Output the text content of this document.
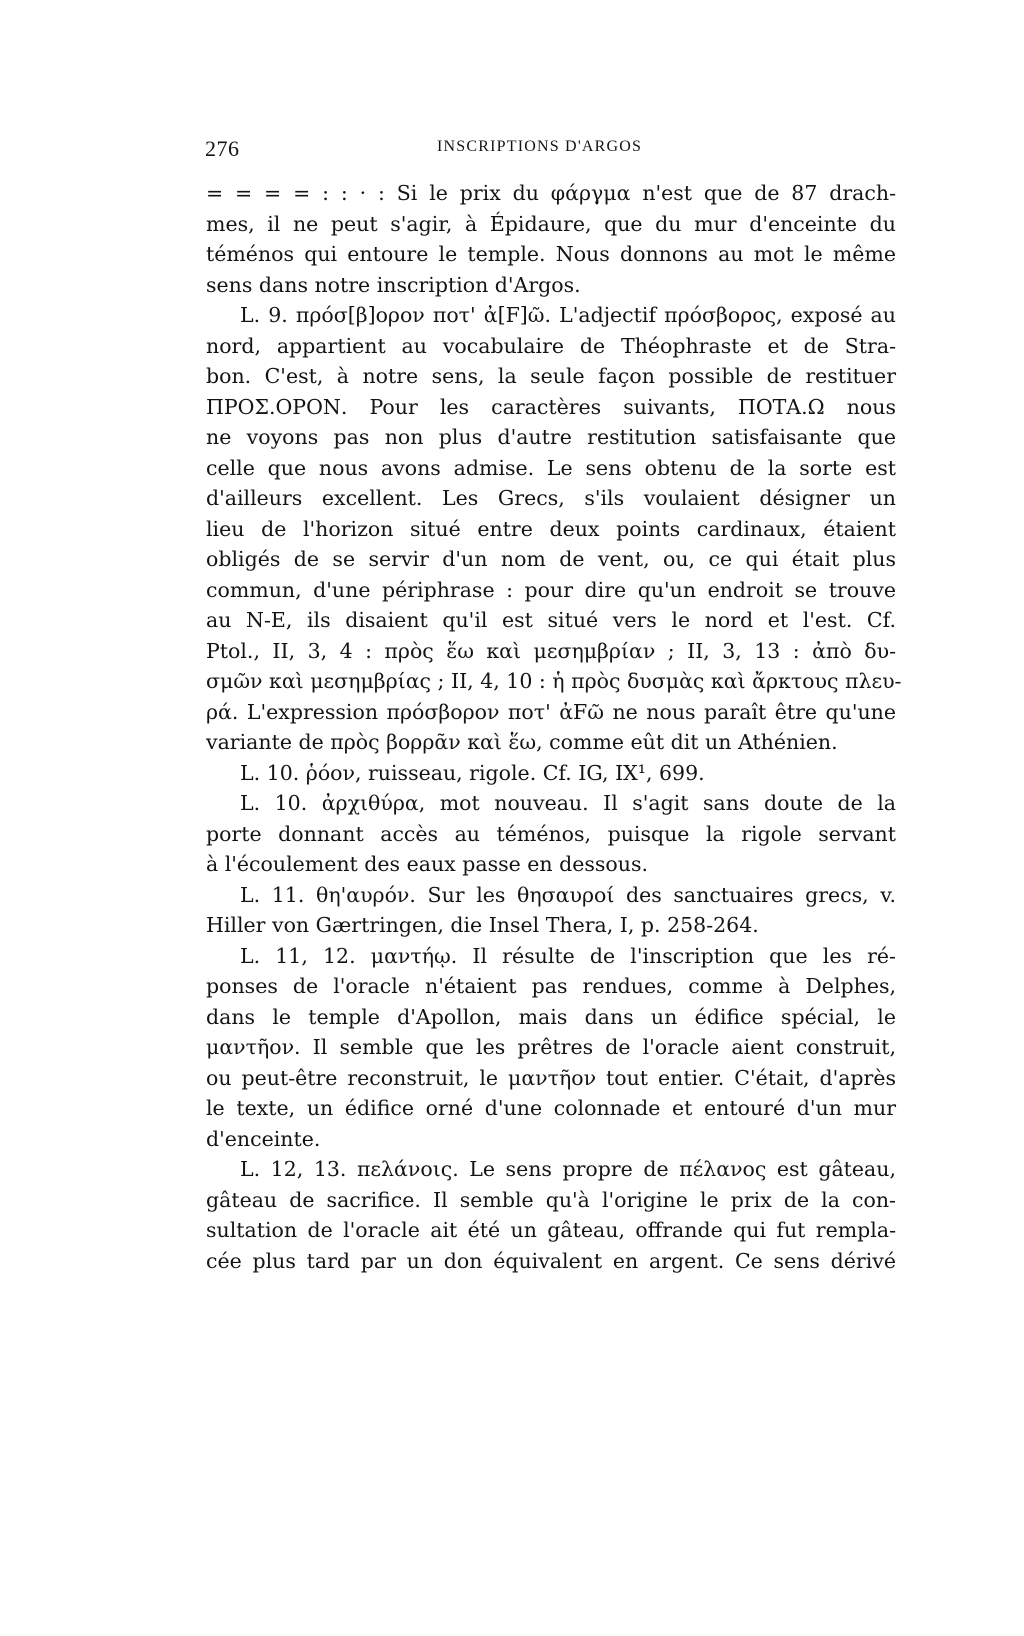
276	INSCRIPTIONS D'ARGOS
= = = = : : · : Si le prix du φάργμα n'est que de 87 drach-
mes, il ne peut s'agir, à Épidaure, que du mur d'enceinte du
téménos qui entoure le temple. Nous donnons au mot le même
sens dans notre inscription d'Argos.
L. 9. πρόσ[β]ορον ποτ' ἀ[F]ῶ. L'adjectif πρόσβορος, exposé au
nord, appartient au vocabulaire de Théophraste et de Stra-
bon. C'est, à notre sens, la seule façon possible de restituer
ΠΡΟΣ.ΟΡΟΝ. Pour les caractères suivants, ΠΟΤΑ.Ω nous
ne voyons pas non plus d'autre restitution satisfaisante que
celle que nous avons admise. Le sens obtenu de la sorte est
d'ailleurs excellent. Les Grecs, s'ils voulaient désigner un
lieu de l'horizon situé entre deux points cardinaux, étaient
obligés de se servir d'un nom de vent, ou, ce qui était plus
commun, d'une périphrase : pour dire qu'un endroit se trouve
au N-E, ils disaient qu'il est situé vers le nord et l'est. Cf.
Ptol., II, 3, 4 : πρὸς ἕω καὶ μεσημβρίαν ; II, 3, 13 : ἀπὸ δυ-
σμῶν καὶ μεσημβρίας ; II, 4, 10 : ἡ πρὸς δυσμὰς καὶ ἄρκτους πλευ-
ρά. L'expression πρόσβορον ποτ' ἀFῶ ne nous paraît être qu'une
variante de πρὸς βορρᾶν καὶ ἕω, comme eût dit un Athénien.
L. 10. ῥόον, ruisseau, rigole. Cf. IG, IX¹, 699.
L. 10. ἀρχιθύρα, mot nouveau. Il s'agit sans doute de la
porte donnant accès au téménos, puisque la rigole servant
à l'écoulement des eaux passe en dessous.
L. 11. θη'αυρόν. Sur les θησαυροί des sanctuaires grecs, v.
Hiller von Gærtringen, die Insel Thera, I, p. 258-264.
L. 11, 12. μαντήῳ. Il résulte de l'inscription que les ré-
ponses de l'oracle n'étaient pas rendues, comme à Delphes,
dans le temple d'Apollon, mais dans un édifice spécial, le
μαντῆον. Il semble que les prêtres de l'oracle aient construit,
ou peut-être reconstruit, le μαντῆον tout entier. C'était, d'après
le texte, un édifice orné d'une colonnade et entouré d'un mur
d'enceinte.
L. 12, 13. πελάνοις. Le sens propre de πέλανος est gâteau,
gâteau de sacrifice. Il semble qu'à l'origine le prix de la con-
sultation de l'oracle ait été un gâteau, offrande qui fut rempla-
cée plus tard par un don équivalent en argent. Ce sens dérivé
